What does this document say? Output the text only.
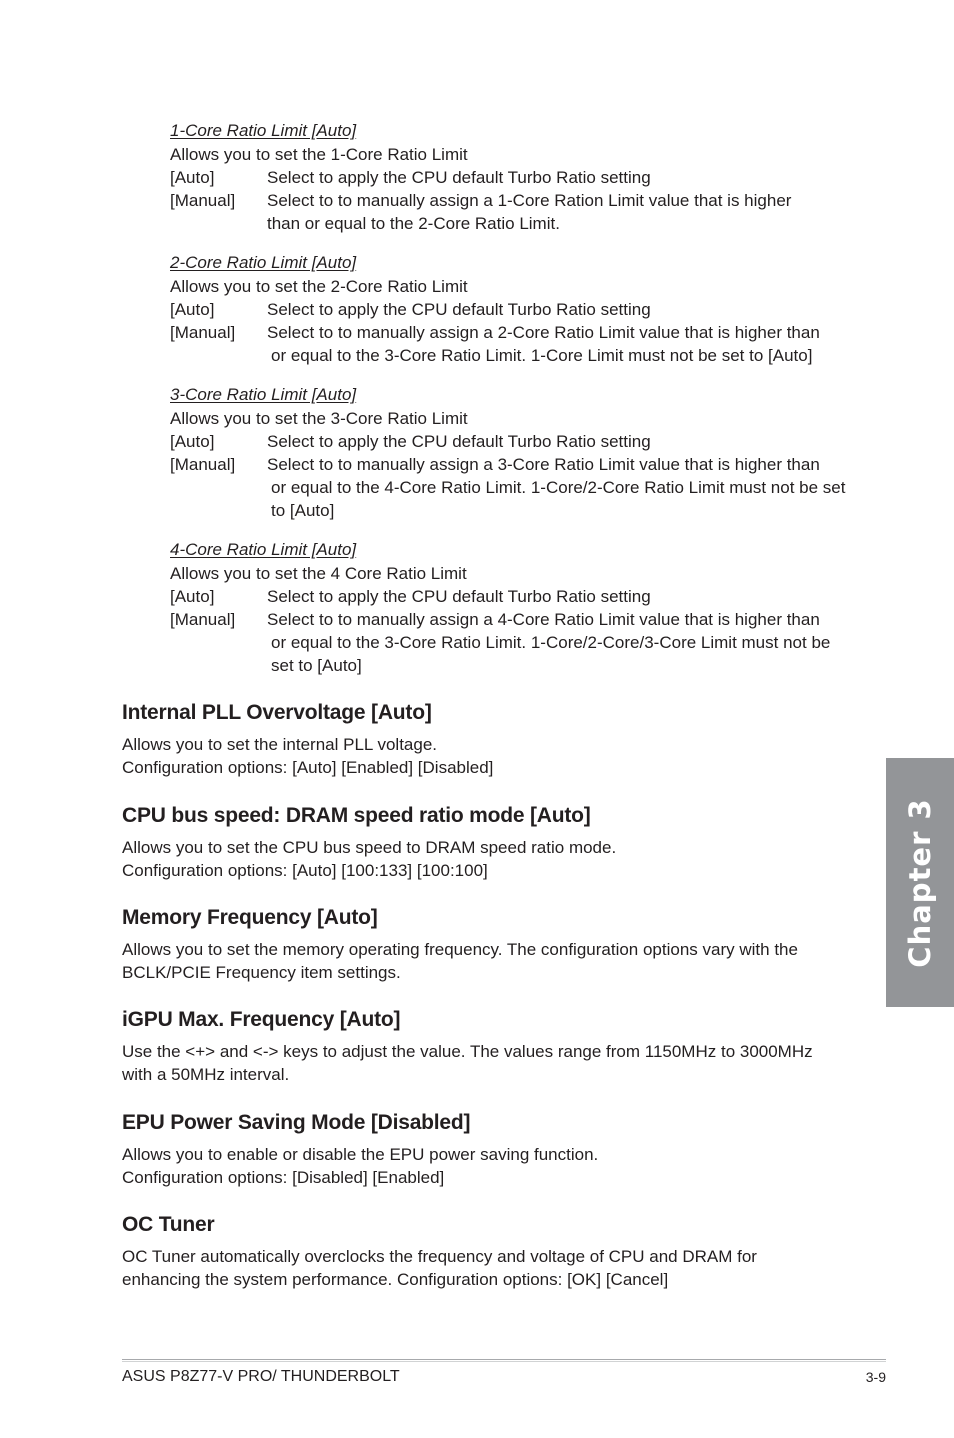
1-Core Ratio Limit [Auto]
Allows you to set the 1-Core Ratio Limit
[Auto]	Select to apply the CPU default Turbo Ratio setting
[Manual]	Select to to manually assign a 1-Core Ration Limit value that is higher
than or equal to the 2-Core Ratio Limit.
2-Core Ratio Limit [Auto]
Allows you to set the 2-Core Ratio Limit
[Auto]	Select to apply the CPU default Turbo Ratio setting
[Manual]	Select to to manually assign a 2-Core Ratio Limit value that is higher than
or equal to the 3-Core Ratio Limit. 1-Core Limit must not be set to [Auto]
3-Core Ratio Limit [Auto]
Allows you to set the 3-Core Ratio Limit
[Auto]	Select to apply the CPU default Turbo Ratio setting
[Manual]	Select to to manually assign a 3-Core Ratio Limit value that is higher than
or equal to the 4-Core Ratio Limit. 1-Core/2-Core Ratio Limit must not be set to [Auto]
4-Core Ratio Limit [Auto]
Allows you to set the 4 Core Ratio Limit
[Auto]	Select to apply the CPU default Turbo Ratio setting
[Manual]	Select to to manually assign a 4-Core Ratio Limit value that is higher than
or equal to the 3-Core Ratio Limit. 1-Core/2-Core/3-Core Limit must not be set to [Auto]
Internal PLL Overvoltage [Auto]
Allows you to set the internal PLL voltage.
Configuration options: [Auto] [Enabled] [Disabled]
CPU bus speed: DRAM speed ratio mode [Auto]
Allows you to set the CPU bus speed to DRAM speed ratio mode.
Configuration options: [Auto] [100:133] [100:100]
Memory Frequency [Auto]
Allows you to set the memory operating frequency. The configuration options vary with the
BCLK/PCIE Frequency item settings.
iGPU Max. Frequency [Auto]
Use the <+> and <-> keys to adjust the value. The values range from 1150MHz to 3000MHz
with a 50MHz interval.
EPU Power Saving Mode [Disabled]
Allows you to enable or disable the EPU power saving function.
Configuration options: [Disabled] [Enabled]
OC Tuner
OC Tuner automatically overclocks the frequency and voltage of CPU and DRAM for
enhancing the system performance. Configuration options: [OK] [Cancel]
Chapter 3
ASUS P8Z77-V PRO/ THUNDERBOLT	3-9
